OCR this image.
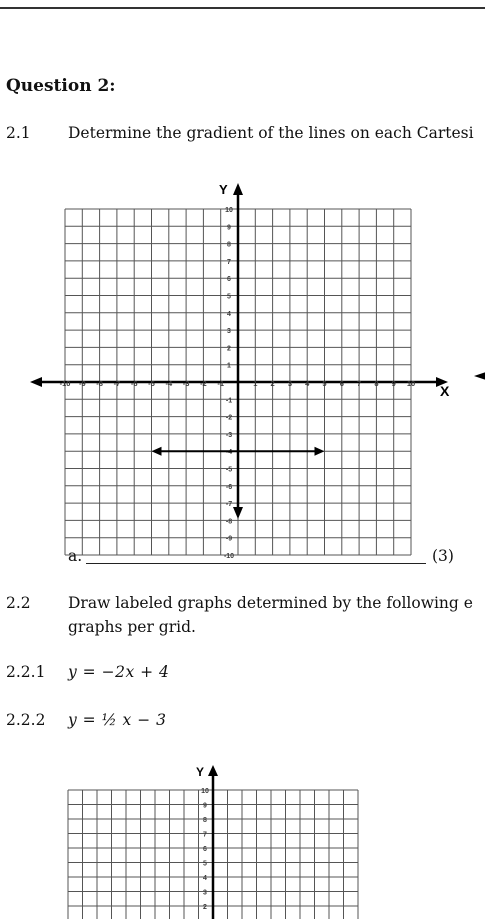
Question 2:
2.1 Determine the gradient of the lines on each Cartesi
X
Y
-10 -9 -8 -7 -6 -5 -4 -3 -2 -1	1 2 3 4 5 6 7 8 9 10
10
9
8
7
6
5
4
3
2
1
-1
-2
-3
-4
-5
-6
-7
-8
-9
-10
a.	(3)
2.2 Draw labeled graphs determined by the following e
graphs per grid.
2.2.1 y = −2x + 4
2.2.2 y = ½ x − 3
Y
10
9
8
7
6
5
4
3
2
